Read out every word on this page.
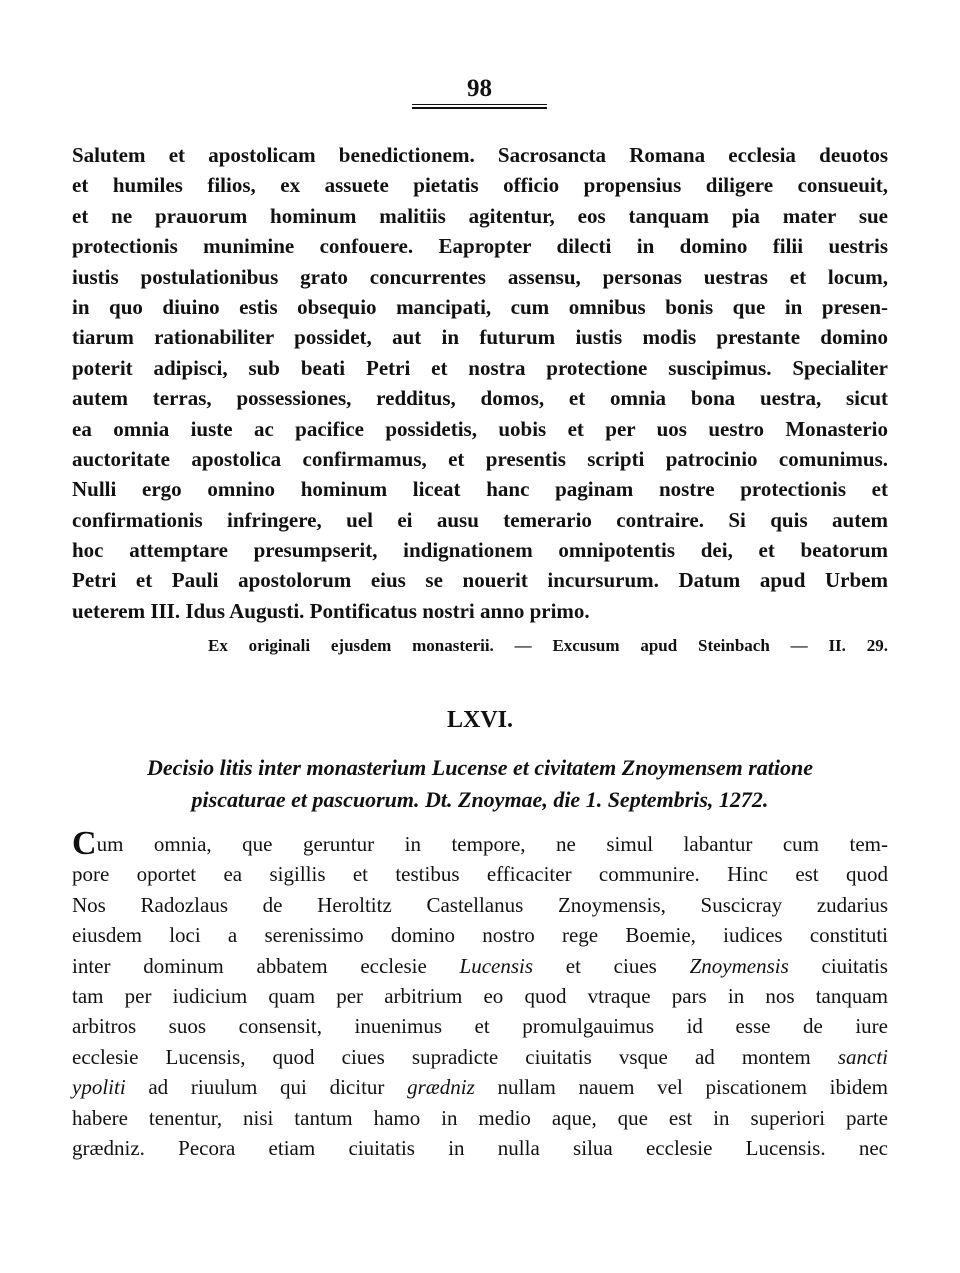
98
Salutem et apostolicam benedictionem. Sacrosancta Romana ecclesia deuotos
et humiles filios, ex assuete pietatis officio propensius diligere consueuit,
et ne prauorum hominum malitiis agitentur, eos tanquam pia mater sue
protectionis munimine confouere. Eapropter dilecti in domino filii uestris
iustis postulationibus grato concurrentes assensu, personas uestras et locum,
in quo diuino estis obsequio mancipati, cum omnibus bonis que in presen-
tiarum rationabiliter possidet, aut in futurum iustis modis prestante domino
poterit adipisci, sub beati Petri et nostra protectione suscipimus. Specialiter
autem terras, possessiones, redditus, domos, et omnia bona uestra, sicut
ea omnia iuste ac pacifice possidetis, uobis et per uos uestro Monasterio
auctoritate apostolica confirmamus, et presentis scripti patrocinio comunimus.
Nulli ergo omnino hominum liceat hanc paginam nostre protectionis et
confirmationis infringere, uel ei ausu temerario contraire. Si quis autem
hoc attemptare presumpserit, indignationem omnipotentis dei, et beatorum
Petri et Pauli apostolorum eius se nouerit incursurum. Datum apud Urbem
ueterem III. Idus Augusti. Pontificatus nostri anno primo.
Ex originali ejusdem monasterii. — Excusum apud Steinbach — II. 29.
LXVI.
Decisio litis inter monasterium Lucense et civitatem Znoymensem ratione
piscaturae et pascuorum. Dt. Znoymae, die 1. Septembris, 1272.
Cum omnia, que geruntur in tempore, ne simul labantur cum tem-
pore oportet ea sigillis et testibus efficaciter communire. Hinc est quod
Nos Radozlaus de Heroltitz Castellanus Znoymensis, Suscicray zudarius
eiusdem loci a serenissimo domino nostro rege Boemie, iudices constituti
inter dominum abbatem ecclesie Lucensis et ciues Znoymensis ciuitatis
tam per iudicium quam per arbitrium eo quod vtraque pars in nos tanquam
arbitros suos consensit, inuenimus et promulgauimus id esse de iure
ecclesie Lucensis, quod ciues supradicte ciuitatis vsque ad montem sancti
ypoliti ad riuulum qui dicitur grædniz nullam nauem vel piscationem ibidem
habere tenentur, nisi tantum hamo in medio aque, que est in superiori parte
grædniz. Pecora etiam ciuitatis in nulla silua ecclesie Lucensis. nec
